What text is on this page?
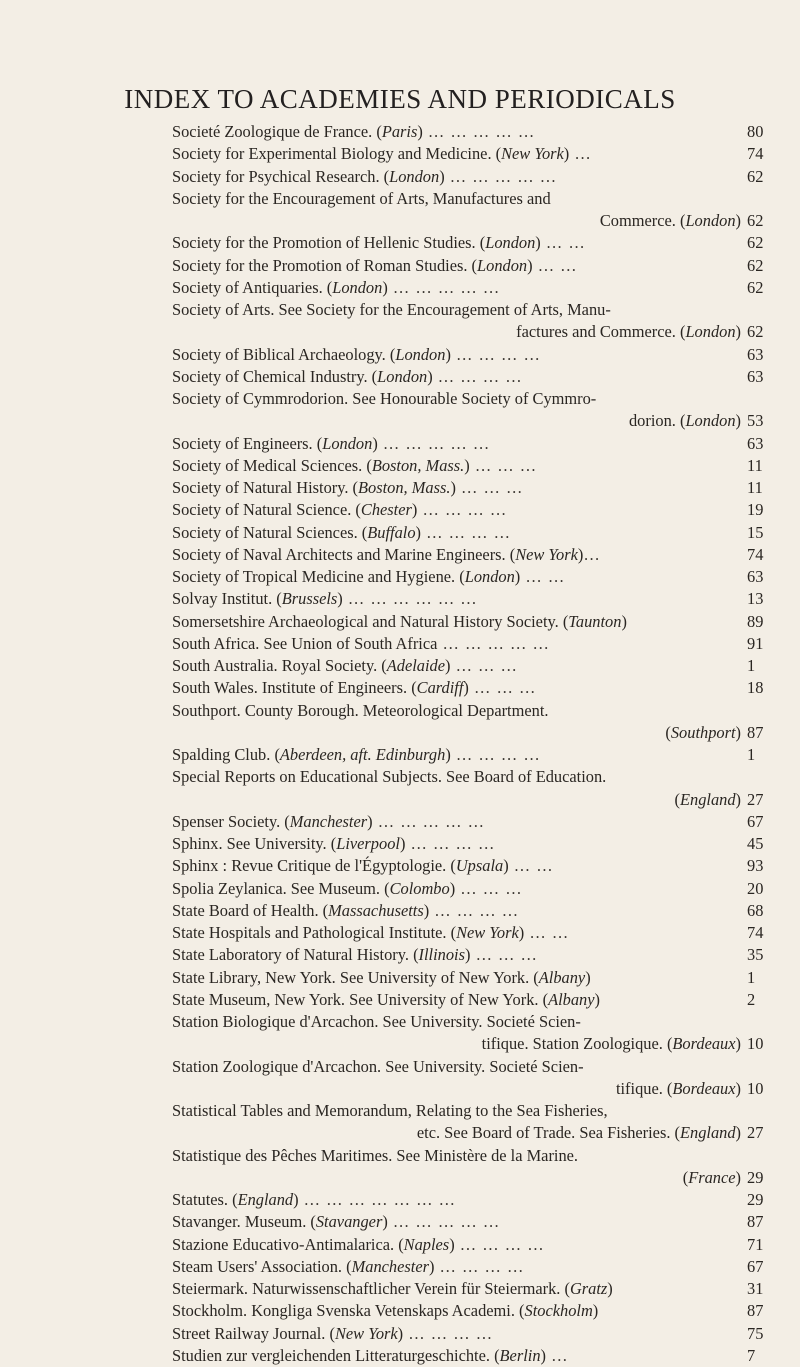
INDEX TO ACADEMIES AND PERIODICALS
Societé Zoologique de France. (Paris) … … … … …	80
Society for Experimental Biology and Medicine. (New York) …	74
Society for Psychical Research. (London) … … … … …	62
Society for the Encouragement of Arts, Manufactures and
Commerce. (London) 62
Society for the Promotion of Hellenic Studies. (London) … …	62
Society for the Promotion of Roman Studies. (London) … …	62
Society of Antiquaries. (London) … … … … …	62
Society of Arts. See Society for the Encouragement of Arts, Manu-
factures and Commerce. (London) 62
Society of Biblical Archaeology. (London) … … … …	63
Society of Chemical Industry. (London) … … … …	63
Society of Cymmrodorion. See Honourable Society of Cymmro-
dorion. (London) 53
Society of Engineers. (London) … … … … …	63
Society of Medical Sciences. (Boston, Mass.) … … …	11
Society of Natural History. (Boston, Mass.) … … …	11
Society of Natural Science. (Chester) … … … …	19
Society of Natural Sciences. (Buffalo) … … … …	15
Society of Naval Architects and Marine Engineers. (New York)…	74
Society of Tropical Medicine and Hygiene. (London) … …	63
Solvay Institut. (Brussels) … … … … … …	13
Somersetshire Archaeological and Natural History Society. (Taunton)	89
South Africa. See Union of South Africa … … … … …	91
South Australia. Royal Society. (Adelaide) … … …	1
South Wales. Institute of Engineers. (Cardiff) … … …	18
Southport. County Borough. Meteorological Department.
(Southport) 87
Spalding Club. (Aberdeen, aft. Edinburgh) … … … …	1
Special Reports on Educational Subjects. See Board of Education.
(England) 27
Spenser Society. (Manchester) … … … … …	67
Sphinx. See University. (Liverpool) … … … …	45
Sphinx : Revue Critique de l'Égyptologie. (Upsala) … …	93
Spolia Zeylanica. See Museum. (Colombo) … … …	20
State Board of Health. (Massachusetts) … … … …	68
State Hospitals and Pathological Institute. (New York) … …	74
State Laboratory of Natural History. (Illinois) … … …	35
State Library, New York. See University of New York. (Albany)	1
State Museum, New York. See University of New York. (Albany)	2
Station Biologique d'Arcachon. See University. Societé Scien-
tifique. Station Zoologique. (Bordeaux) 10
Station Zoologique d'Arcachon. See University. Societé Scien-
tifique. (Bordeaux) 10
Statistical Tables and Memorandum, Relating to the Sea Fisheries,
etc. See Board of Trade. Sea Fisheries. (England) 27
Statistique des Pêches Maritimes. See Ministère de la Marine.
(France) 29
Statutes. (England) … … … … … … …	29
Stavanger. Museum. (Stavanger) … … … … …	87
Stazione Educativo-Antimalarica. (Naples) … … … …	71
Steam Users' Association. (Manchester) … … … …	67
Steiermark. Naturwissenschaftlicher Verein für Steiermark. (Gratz)	31
Stockholm. Kongliga Svenska Vetenskaps Academi. (Stockholm)	87
Street Railway Journal. (New York) … … … …	75
Studien zur vergleichenden Litteraturgeschichte. (Berlin) …	7
